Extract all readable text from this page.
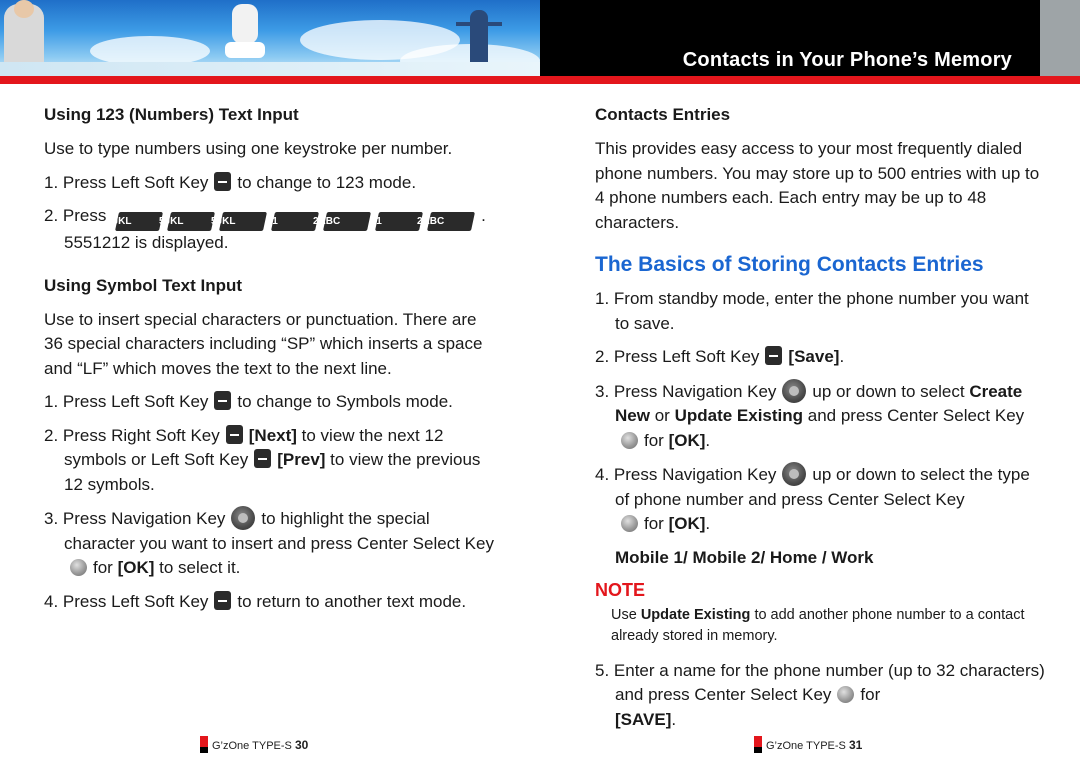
Contacts in Your Phone’s Memory
Using 123 (Numbers) Text Input

Use to type numbers using one keystroke per number.

1. Press Left Soft Key to change to 123 mode.
2. Press 5JKL	5JKL	5JKL	1	2ABC	1	2ABC .
5551212 is displayed.
Using Symbol Text Input

Use to insert special characters or punctuation. There are 36 special characters including “SP” which inserts a space and “LF” which moves the text to the next line.

1. Press Left Soft Key to change to Symbols mode.
2. Press Right Soft Key [Next] to view the next 12 symbols or Left Soft Key [Prev] to view the previous 12 symbols.
3. Press Navigation Key to highlight the special character you want to insert and press Center Select Keyfor [OK] to select it.
4. Press Left Soft Key to return to another text mode.
Contacts Entries

This provides easy access to your most frequently dialed phone numbers. You may store up to 500 entries with up to 4 phone numbers each. Each entry may be up to 48 characters.

The Basics of Storing Contacts Entries
1. From standby mode, enter the phone number you want to save.
2. Press Left Soft Key [Save].
3. Press Navigation Key up or down to select Create New or Update Existing and press Center Select Keyfor [OK].
4. Press Navigation Key up or down to select the type of phone number and press Center Select Key
for [OK].
Mobile 1/ Mobile 2/ Home / Work
NOTE

Use Update Existing to add another phone number to a contact already stored in memory.

5. Enter a name for the phone number (up to 32 characters) and press Center Select Key for
[SAVE].
G’zOne TYPE-S 30	G’zOne TYPE-S 31
